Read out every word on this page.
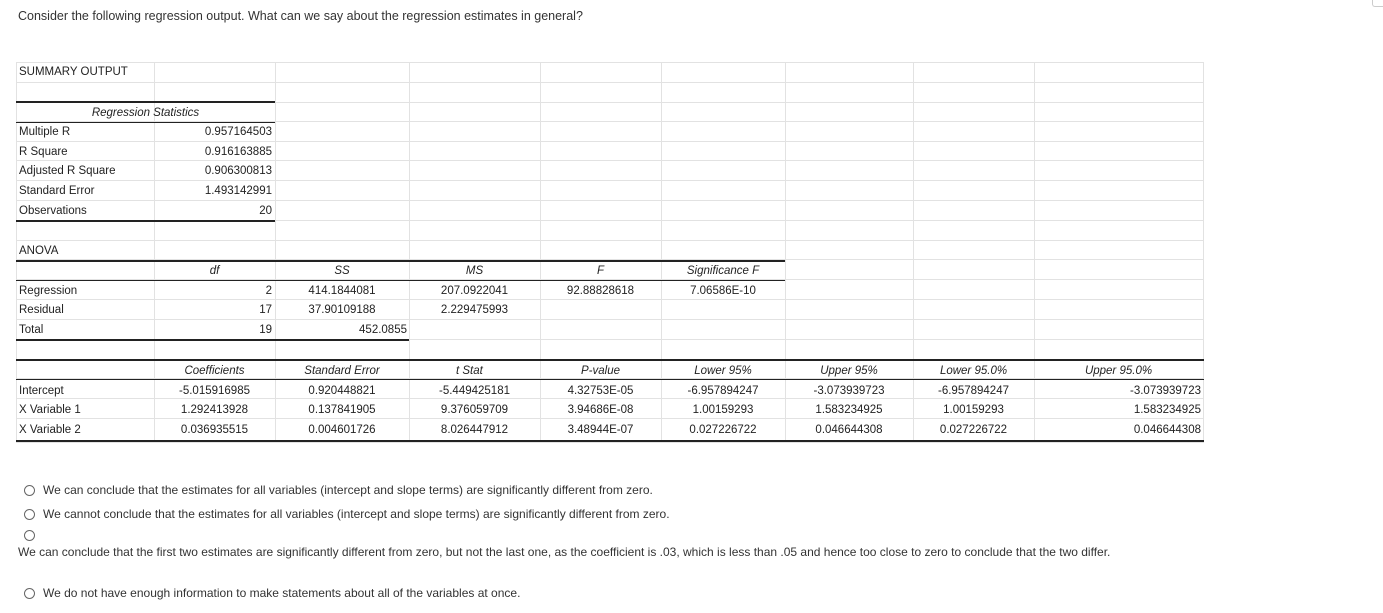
Consider the following regression output. What can we say about the regression estimates in general?
SUMMARY OUTPUT
Regression Statistics
Multiple R	0.957164503
R Square	0.916163885
Adjusted R Square	0.906300813
Standard Error	1.493142991
Observations	20
ANOVA
df	SS	MS	F	Significance F
Regression	2	414.1844081	207.0922041	92.88828618	7.06586E-10
Residual	17	37.90109188	2.229475993
Total	19	452.0855
Coefficients	Standard Error	t Stat	P-value	Lower 95%	Upper 95%	Lower 95.0%	Upper 95.0%
Intercept	-5.015916985	0.920448821	-5.449425181	4.32753E-05	-6.957894247	-3.073939723	-6.957894247	-3.073939723
X Variable 1	1.292413928	0.137841905	9.376059709	3.94686E-08	1.00159293	1.583234925	1.00159293	1.583234925
X Variable 2	0.036935515	0.004601726	8.026447912	3.48944E-07	0.027226722	0.046644308	0.027226722	0.046644308
We can conclude that the estimates for all variables (intercept and slope terms) are significantly different from zero.
We cannot conclude that the estimates for all variables (intercept and slope terms) are significantly different from zero.
We can conclude that the first two estimates are significantly different from zero, but not the last one, as the coefficient is .03, which is less than .05 and hence too close to zero to conclude that the two differ.
We do not have enough information to make statements about all of the variables at once.
